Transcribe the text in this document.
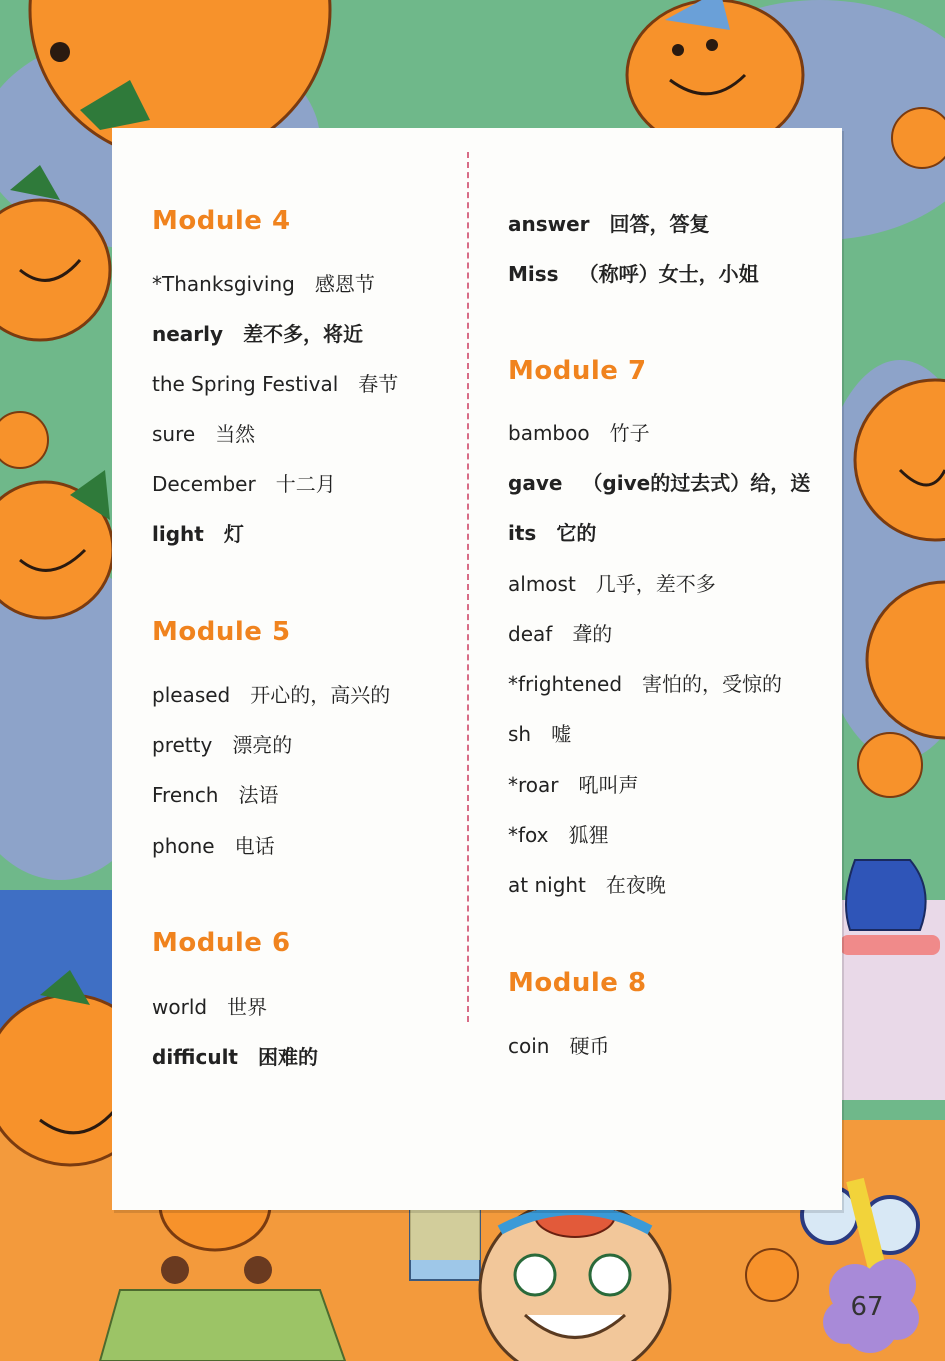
Module 4
*Thanksgiving 感恩节
nearly 差不多，将近
the Spring Festival 春节
sure 当然
December 十二月
light 灯
Module 5
pleased 开心的，高兴的
pretty 漂亮的
French 法语
phone 电话
Module 6
world 世界
difficult 困难的
answer 回答，答复
Miss （称呼）女士，小姐
Module 7
bamboo 竹子
gave （give的过去式）给，送
its 它的
almost 几乎，差不多
deaf 聋的
*frightened 害怕的，受惊的
sh 嘘
*roar 吼叫声
*fox 狐狸
at night 在夜晚
Module 8
coin 硬币
67
